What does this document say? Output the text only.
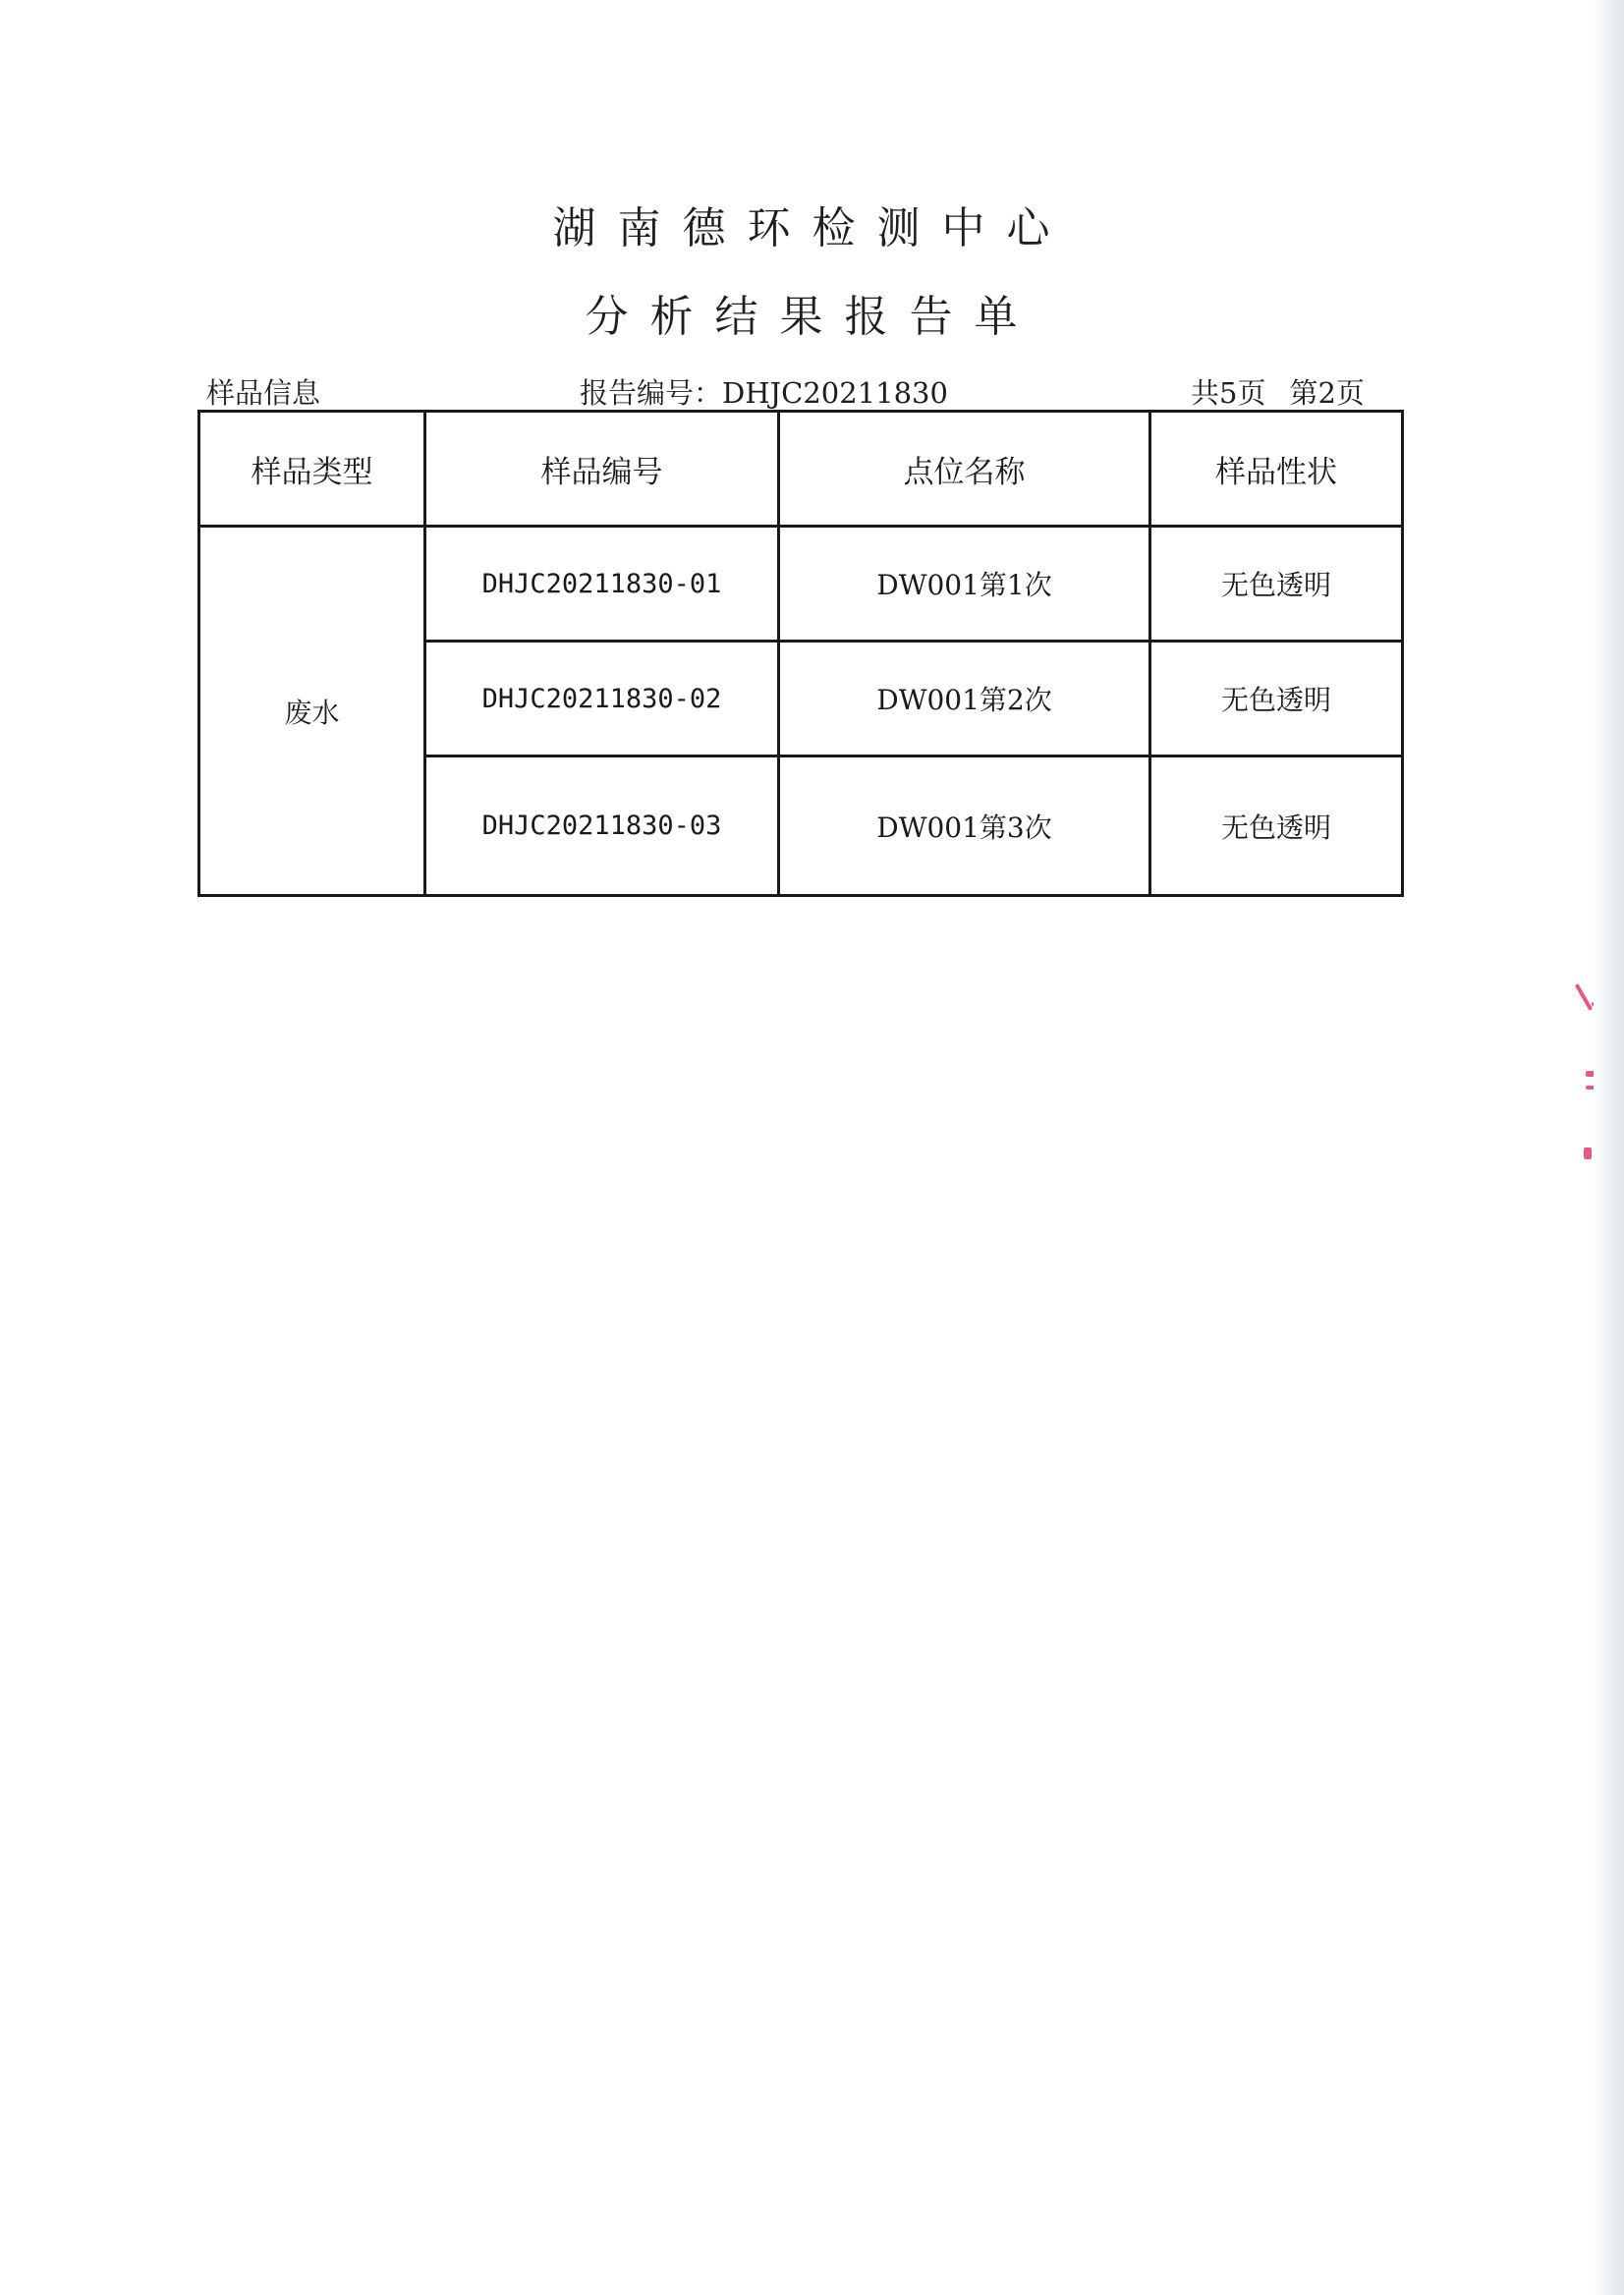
湖南德环检测中心
分析结果报告单
样品信息	报告编号：DHJC20211830	共5页 第2页
样品类型	样品编号	点位名称	样品性状
废水	DHJC20211830-01	DW001第1次	无色透明
	DHJC20211830-02	DW001第2次	无色透明
	DHJC20211830-03	DW001第3次	无色透明
